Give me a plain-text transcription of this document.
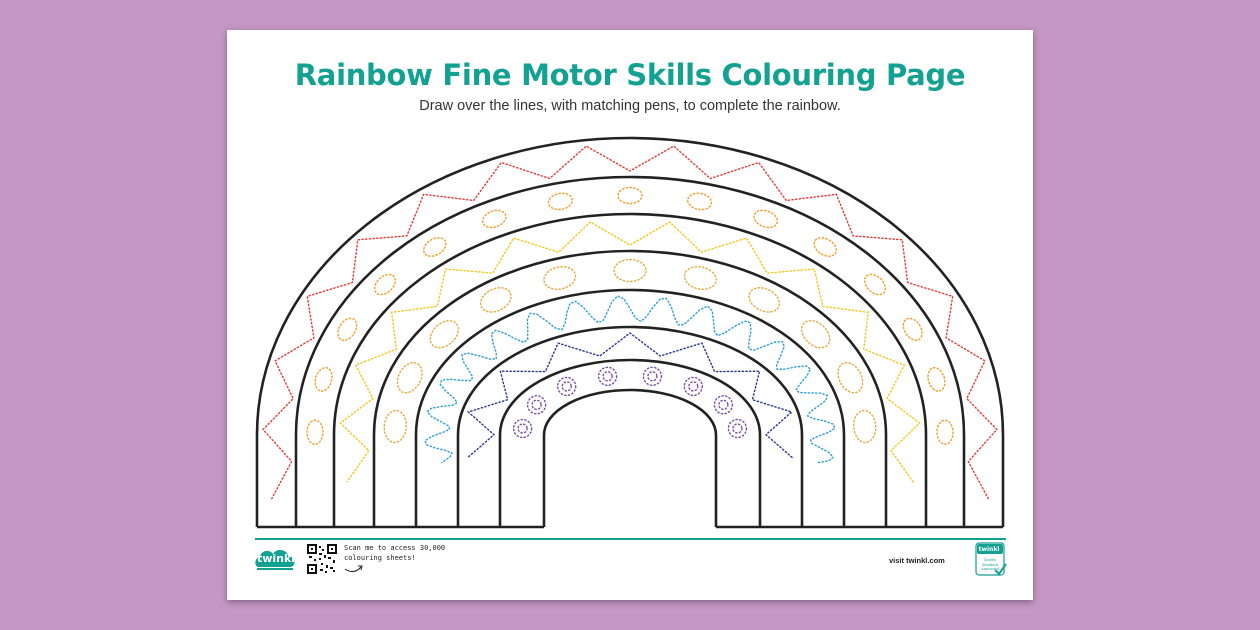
Rainbow Fine Motor Skills Colouring Page
Draw over the lines, with matching pens, to complete the rainbow.
twinkl
Scan me to access 30,000 colouring sheets!	visit twinkl.com
twinkl
Quality Standard Approved
